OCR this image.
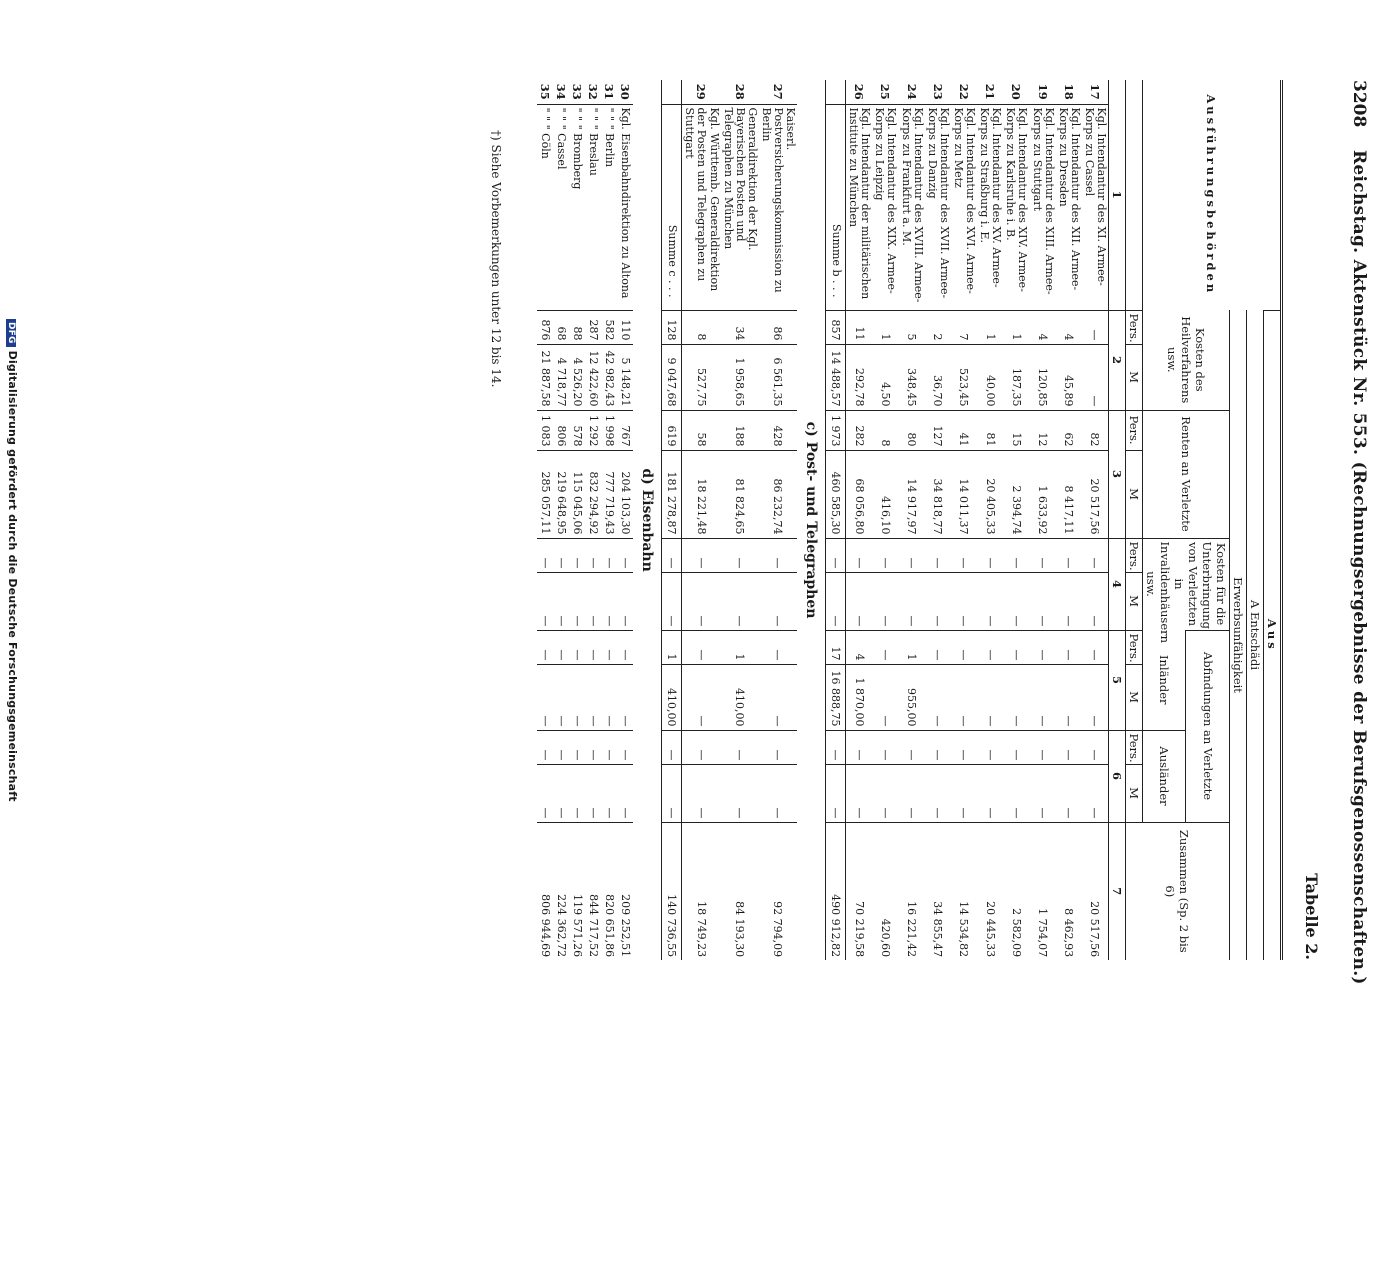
DFGDigitalisierung gefördert durch die Deutsche Forschungsgemeinschaft
3208
Reichstag. Aktenstück Nr. 553. (Rechnungsergebnisse der Berufsgenossenschaften.)
Tabelle 2.
Ausführungsbehörden		Aus										
		A Entschädi										
		Erwerbsunfähigkeit										
		Kosten des Heilverfahrens usw.		Renten an Verletzte		Kosten für die Unterbringung von Verletzten in Invalidenhäusern usw.		Abfindungen an Verletzte				Zusammen (Sp. 2 bis 6)
								Inländer		Ausländer		
		Pers.	M	Pers.	M	Pers.	M	Pers.	M	Pers.	M	
1		2		3		4		5		6		7
17	Kgl. Intendantur des XI. Armee-Korps zu Cassel	—	—	82	20 517,56	—	—	—	—	—	—	20 517,56
18	Kgl. Intendantur des XII. Armee-Korps zu Dresden	4	45,89	62	8 417,11	—	—	—	—	—	—	8 462,93
19	Kgl. Intendantur des XIII. Armee-Korps zu Stuttgart	4	120,85	12	1 633,92	—	—	—	—	—	—	1 754,07
20	Kgl. Intendantur des XIV. Armee-Korps zu Karlsruhe i. B.	1	187,35	15	2 394,74	—	—	—	—	—	—	2 582,09
21	Kgl. Intendantur des XV. Armee-Korps zu Straßburg i. E.	1	40,00	81	20 405,33	—	—	—	—	—	—	20 445,33
22	Kgl. Intendantur des XVI. Armee-Korps zu Metz	7	523,45	41	14 011,37	—	—	—	—	—	—	14 534,82
23	Kgl. Intendantur des XVII. Armee-Korps zu Danzig	2	36,70	127	34 818,77	—	—	—	—	—	—	34 855,47
24	Kgl. Intendantur des XVIII. Armee-Korps zu Frankfurt a. M.	5	348,45	80	14 917,97	—	—	1	955,00	—	—	16 221,42
25	Kgl. Intendantur des XIX. Armee-Korps zu Leipzig	1	4,50	8	416,10	—	—	—	—	—	—	420,60
26	Kgl. Intendantur der militärischen Institute zu München	11	292,78	282	68 056,80	—	—	4	1 870,00	—	—	70 219,58
	Summe b . . .	857	14 488,57	1 973	460 585,30	—	—	17	16 888,75	—	—	490 912,82
c) Post- und Telegraphen												
27	Kaiserl. Postversicherungskommission zu Berlin	86	6 561,35	428	86 232,74	—	—	—	—	—	—	92 794,09
28	Generaldirektion der Kgl. Bayerischen Posten und Telegraphen zu München	34	1 958,65	188	81 824,65	—	—	1	410,00	—	—	84 193,30
29	Kgl. Württemb. Generaldirektion der Posten und Telegraphen zu Stuttgart	8	527,75	58	18 221,48	—	—	—	—	—	—	18 749,23
	Summe c . . .	128	9 047,68	619	181 278,87	—	—	1	410,00	—	—	140 736,55
d) Eisenbahn												
30	Kgl. Eisenbahndirektion zu Altona	110	5 148,21	767	204 103,30	—	—	—	—	—	—	209 252,51
31	" " " Berlin	582	42 982,43	1 998	777 719,43	—	—	—	—	—	—	820 651,86
32	" " " Breslau	287	12 422,60	1 292	832 294,92	—	—	—	—	—	—	844 717,52
33	" " " Bromberg	88	4 526,20	578	115 045,06	—	—	—	—	—	—	119 571,26
34	" " " Cassel	68	4 718,77	806	219 648,95	—	—	—	—	—	—	224 362,72
35	" " " Cöln	876	21 887,58	1 083	285 057,11	—	—	—	—	—	—	806 944,69
†) Siehe Vorbemerkungen unter 12 bis 14.
